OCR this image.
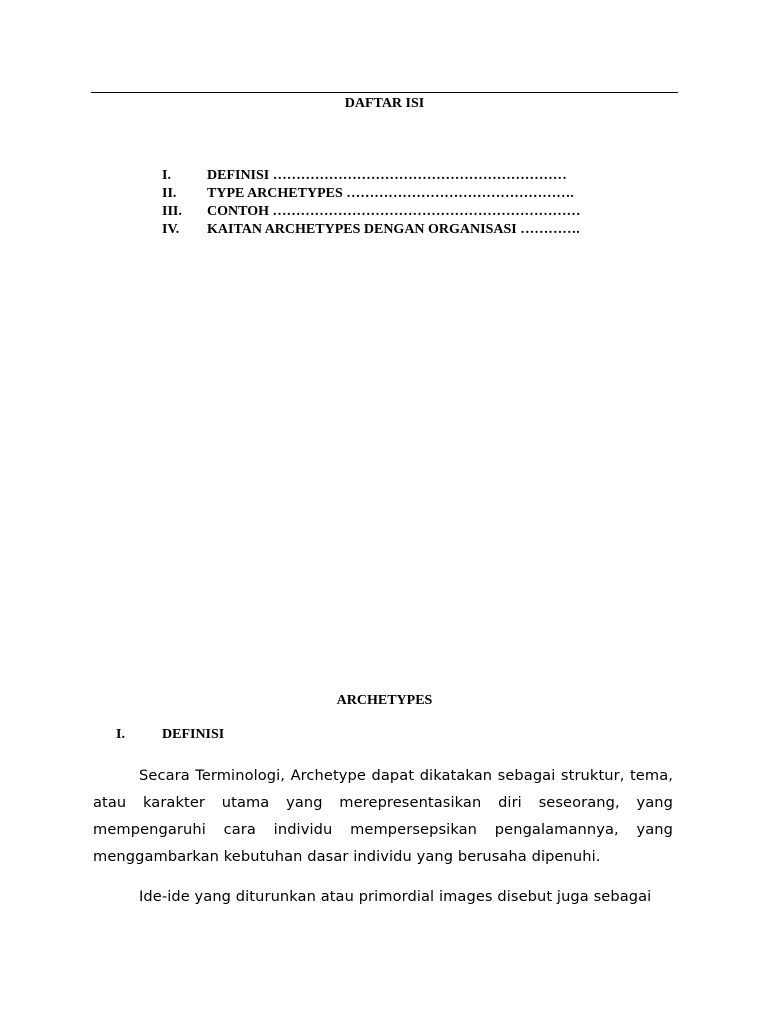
DAFTAR ISI
I.	DEFINISI ………………………………………………………
II. TYPE ARCHETYPES ………………………………………….
III. CONTOH …………………………………………………………
IV. KAITAN ARCHETYPES DENGAN ORGANISASI ………….
ARCHETYPES
I.	DEFINISI
Secara Terminologi, Archetype dapat dikatakan sebagai struktur, tema, atau karakter utama yang merepresentasikan diri seseorang, yang mempengaruhi cara individu mempersepsikan pengalamannya, yang menggambarkan kebutuhan dasar individu yang berusaha dipenuhi.
Ide-ide yang diturunkan atau primordial images disebut juga sebagai
